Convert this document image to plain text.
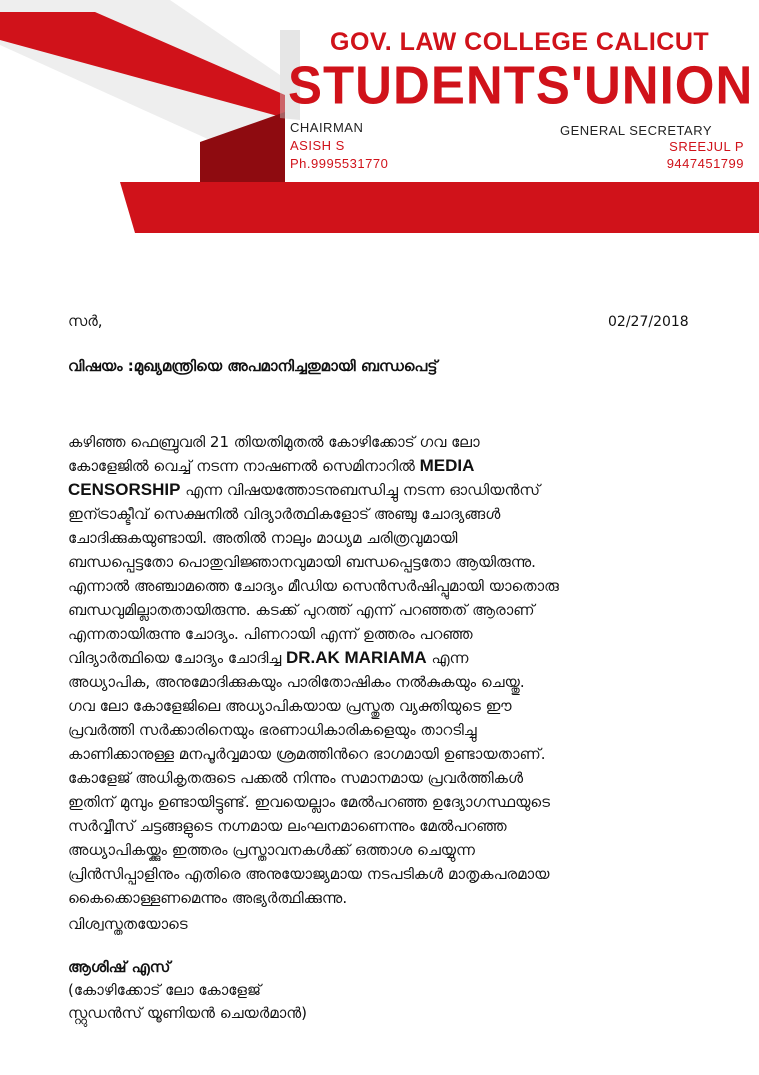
GOV. LAW COLLEGE CALICUT
STUDENTS'UNION
CHAIRMAN
ASISH S
Ph.9995531770
GENERAL SECRETARY
SREEJUL P
9447451799
സർ,	02/27/2018
വിഷയം :മുഖ്യമന്ത്രിയെ അപമാനിച്ചതുമായി ബന്ധപെട്ട്
കഴിഞ്ഞ ഫെബ്രുവരി 21 തിയതിമുതൽ കോഴിക്കോട് ഗവ ലോ
കോളേജിൽ വെച്ച് നടന്ന നാഷണൽ സെമിനാറിൽ MEDIA
CENSORSHIP എന്ന വിഷയത്തോടനുബന്ധിച്ചു നടന്ന ഓഡിയൻസ്
ഇന്ട്രാക്ടീവ് സെക്ഷനിൽ വിദ്യാർത്ഥികളോട് അഞ്ചു ചോദ്യങ്ങൾ
ചോദിക്കുകയുണ്ടായി. അതിൽ നാലും മാധ്യമ ചരിത്രവുമായി
ബന്ധപ്പെട്ടതോ പൊതുവിജ്ഞാനവുമായി ബന്ധപ്പെട്ടതോ ആയിരുന്നു.
എന്നാൽ അഞ്ചാമത്തെ ചോദ്യം മീഡിയ സെൻസർഷിപ്പുമായി യാതൊരു
ബന്ധവുമില്ലാതതായിരുന്നു. കടക്ക് പുറത്ത് എന്ന് പറഞ്ഞത് ആരാണ്
എന്നതായിരുന്നു ചോദ്യം. പിണറായി എന്ന് ഉത്തരം പറഞ്ഞ
വിദ്യാർത്ഥിയെ ചോദ്യം ചോദിച്ച DR.AK MARIAMA എന്ന
അധ്യാപിക, അനുമോദിക്കുകയും പാരിതോഷികം നൽകുകയും ചെയ്തു.
ഗവ ലോ കോളേജിലെ അധ്യാപികയായ പ്രസ്തുത വ്യക്തിയുടെ ഈ
പ്രവർത്തി സർക്കാരിനെയും ഭരണാധികാരികളെയും താറടിച്ചു
കാണിക്കാനുള്ള മനപൂർവ്വമായ ശ്രമത്തിൻറെ ഭാഗമായി ഉണ്ടായതാണ്.
കോളേജ് അധികൃതരുടെ പക്കൽ നിന്നും സമാനമായ പ്രവർത്തികൾ
ഇതിന് മുമ്പും ഉണ്ടായിട്ടുണ്ട്. ഇവയെല്ലാം മേൽപറഞ്ഞ ഉദ്യോഗസ്ഥയുടെ
സർവ്വീസ് ചട്ടങ്ങളുടെ നഗ്നമായ ലംഘനമാണെന്നും മേൽപറഞ്ഞ
അധ്യാപികയ്ക്കും ഇത്തരം പ്രസ്താവനകൾക്ക് ഒത്താശ ചെയ്യുന്ന
പ്രിൻസിപ്പാളിനും എതിരെ അനുയോജ്യമായ നടപടികൾ മാതൃകപരമായ
കൈക്കൊള്ളണമെന്നും അഭ്യർത്ഥിക്കുന്നു.
വിശ്വസ്തതയോടെ
ആശിഷ് എസ്
(കോഴിക്കോട് ലോ കോളേജ്
സ്റ്റുഡൻസ് യൂണിയൻ ചെയർമാൻ)
